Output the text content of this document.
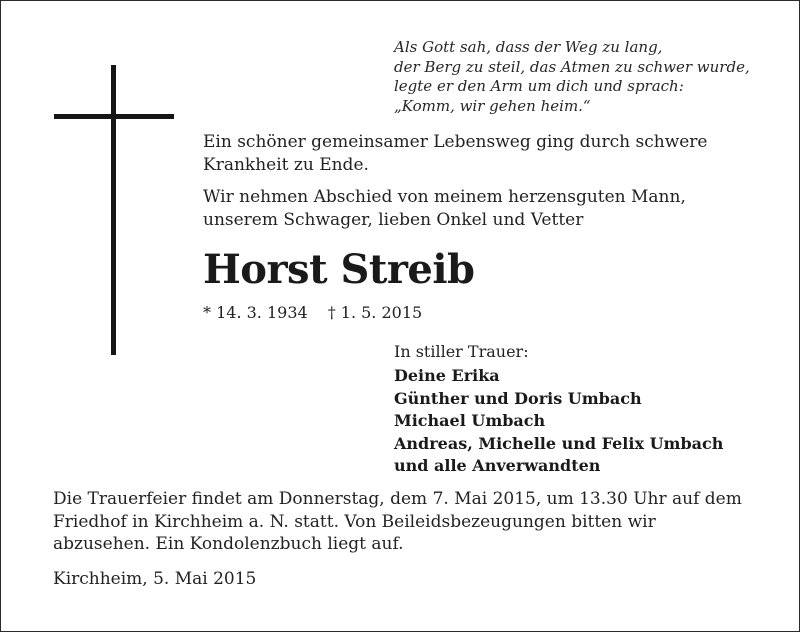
Als Gott sah, dass der Weg zu lang,
der Berg zu steil, das Atmen zu schwer wurde,
legte er den Arm um dich und sprach:
„Komm, wir gehen heim.“
Ein schöner gemeinsamer Lebensweg ging durch schwere
Krankheit zu Ende.
Wir nehmen Abschied von meinem herzensguten Mann,
unserem Schwager, lieben Onkel und Vetter
Horst Streib
* 14. 3. 1934 † 1. 5. 2015
In stiller Trauer:
Deine Erika
Günther und Doris Umbach
Michael Umbach
Andreas, Michelle und Felix Umbach
und alle Anverwandten
Die Trauerfeier findet am Donnerstag, dem 7. Mai 2015, um 13.30 Uhr auf dem
Friedhof in Kirchheim a. N. statt. Von Beileidsbezeugungen bitten wir
abzusehen. Ein Kondolenzbuch liegt auf.
Kirchheim, 5. Mai 2015
